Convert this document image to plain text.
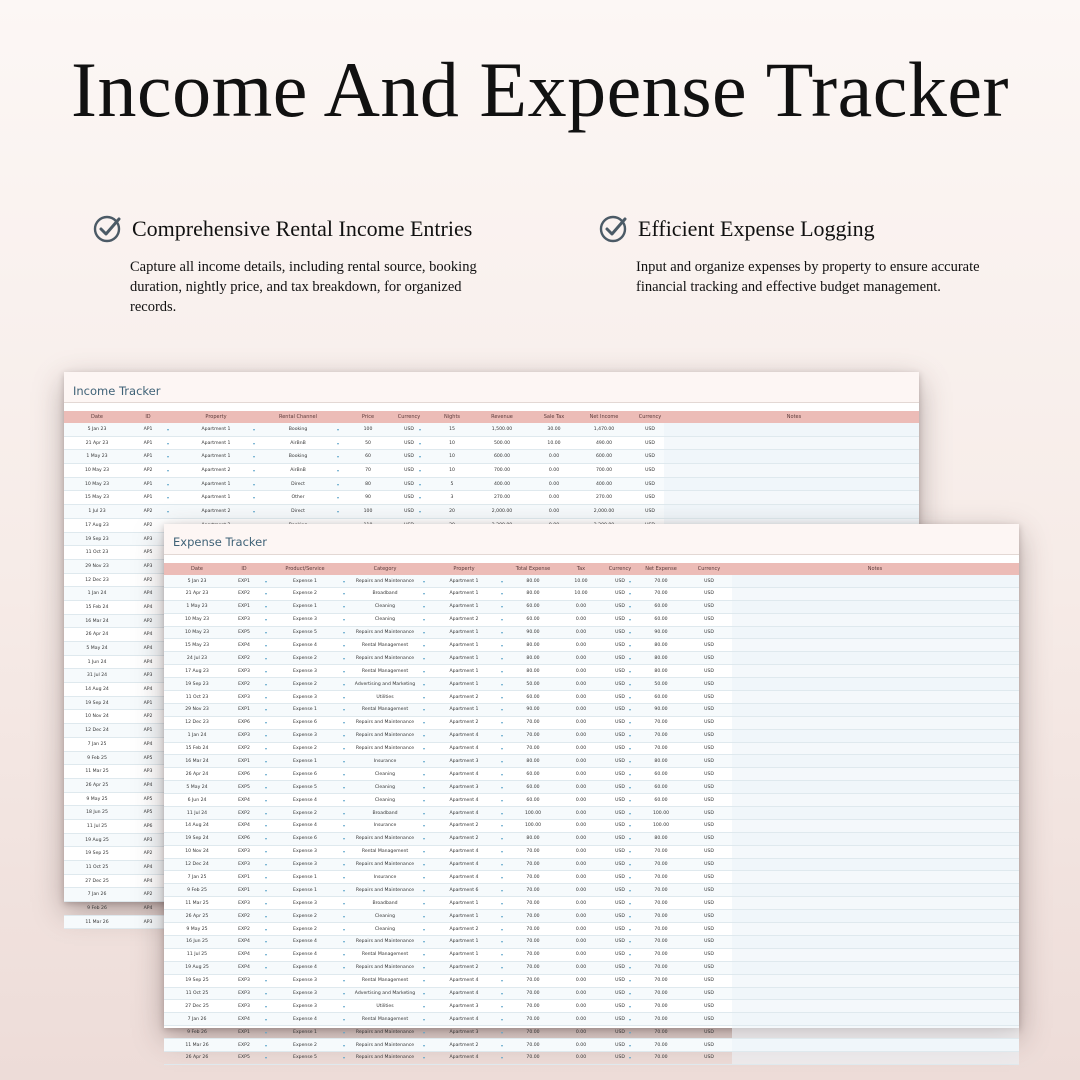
Income And Expense Tracker
Comprehensive Rental Income Entries

Capture all income details, including rental source, booking duration, nightly price, and tax breakdown, for organized records.

Efficient Expense Logging

Input and organize expenses by property to ensure accurate financial tracking and effective budget management.

Income Tracker
Date	ID	Property	Rental Channel	Price	Currency	Nights	Revenue	Sale Tax	Net Income	Currency	Notes
5 Jan 23	AP1	Apartment 1	Booking	100	USD	15	1,500.00	30.00	1,470.00	USD
▾	▾	▾	▾
21 Apr 23	AP1	Apartment 1	AirBnB	50	USD	10	500.00	10.00	490.00	USD
▾	▾	▾	▾
1 May 23	AP1	Apartment 1	Booking	60	USD	10	600.00	0.00	600.00	USD
▾	▾	▾	▾
10 May 23	AP2	Apartment 2	AirBnB	70	USD	10	700.00	0.00	700.00	USD
▾	▾	▾	▾
10 May 23	AP1	Apartment 1	Direct	80	USD	5	400.00	0.00	400.00	USD
▾	▾	▾	▾
15 May 23	AP1	Apartment 1	Other	90	USD	3	270.00	0.00	270.00	USD
▾	▾	▾	▾
1 Jul 23	AP2	Apartment 2	Direct	100	USD	20	2,000.00	0.00	2,000.00	USD
▾	▾	▾	▾
17 Aug 23	AP2
19 Sep 23	AP3
11 Oct 23	AP5
29 Nov 23	AP3
12 Dec 23	AP2
1 Jan 24	AP4
15 Feb 24	AP4
16 Mar 24	AP2
26 Apr 24	AP4
5 May 24	AP4
1 Jun 24	AP4
31 Jul 24	AP3
14 Aug 24	AP4
19 Sep 24	AP1
10 Nov 24	AP2
12 Dec 24	AP1
7 Jan 25	AP4
9 Feb 25	AP5
11 Mar 25	AP3
26 Apr 25	AP4
9 May 25	AP5
18 Jun 25	AP5
11 Jul 25	AP6
19 Aug 25	AP3
19 Sep 25	AP2
11 Oct 25	AP4
27 Dec 25	AP4
7 Jan 26	AP2
9 Feb 26	AP4
11 Mar 26	AP3
Expense Tracker
Date	ID	Product/Service	Category	Property	Total Expense	Tax	Currency	Net Expense	Currency	Notes
5 Jan 23	EXP1	Expense 1	Repairs and Maintenance	Apartment 1	80.00	10.00	USD	70.00	USD
▾	▾	▾	▾	▾
21 Apr 23	EXP2	Expense 2	Broadband	Apartment 1	80.00	10.00	USD	70.00	USD
▾	▾	▾	▾	▾
1 May 23	EXP1	Expense 1	Cleaning	Apartment 1	60.00	0.00	USD	60.00	USD
▾	▾	▾	▾	▾
10 May 23	EXP3	Expense 3	Cleaning	Apartment 2	60.00	0.00	USD	60.00	USD
▾	▾	▾	▾	▾
10 May 23	EXP5	Expense 5	Repairs and Maintenance	Apartment 1	90.00	0.00	USD	90.00	USD
▾	▾	▾	▾	▾
15 May 23	EXP4	Expense 4	Rental Management	Apartment 1	80.00	0.00	USD	80.00	USD
▾	▾	▾	▾	▾
24 Jul 23	EXP2	Expense 2	Repairs and Maintenance	Apartment 1	80.00	0.00	USD	80.00	USD
▾	▾	▾	▾	▾
17 Aug 23	EXP3	Expense 3	Rental Management	Apartment 1	80.00	0.00	USD	80.00	USD
▾	▾	▾	▾	▾
19 Sep 23	EXP2	Expense 2	Advertising and Marketing	Apartment 1	50.00	0.00	USD	50.00	USD
▾	▾	▾	▾	▾
11 Oct 23	EXP3	Expense 3	Utilities	Apartment 2	60.00	0.00	USD	60.00	USD
▾	▾	▾	▾	▾
29 Nov 23	EXP1	Expense 1	Rental Management	Apartment 1	90.00	0.00	USD	90.00	USD
▾	▾	▾	▾	▾
12 Dec 23	EXP6	Expense 6	Repairs and Maintenance	Apartment 2	70.00	0.00	USD	70.00	USD
▾	▾	▾	▾	▾
1 Jan 24	EXP3	Expense 3	Repairs and Maintenance	Apartment 4	70.00	0.00	USD	70.00	USD
▾	▾	▾	▾	▾
15 Feb 24	EXP2	Expense 2	Repairs and Maintenance	Apartment 4	70.00	0.00	USD	70.00	USD
▾	▾	▾	▾	▾
16 Mar 24	EXP1	Expense 1	Insurance	Apartment 3	80.00	0.00	USD	80.00	USD
▾	▾	▾	▾	▾
26 Apr 24	EXP6	Expense 6	Cleaning	Apartment 4	60.00	0.00	USD	60.00	USD
▾	▾	▾	▾	▾
5 May 24	EXP5	Expense 5	Cleaning	Apartment 3	60.00	0.00	USD	60.00	USD
▾	▾	▾	▾	▾
6 Jun 24	EXP4	Expense 4	Cleaning	Apartment 4	60.00	0.00	USD	60.00	USD
▾	▾	▾	▾	▾
11 Jul 24	EXP2	Expense 2	Broadband	Apartment 4	100.00	0.00	USD	100.00	USD
▾	▾	▾	▾	▾
14 Aug 24	EXP4	Expense 4	Insurance	Apartment 2	100.00	0.00	USD	100.00	USD
▾	▾	▾	▾	▾
19 Sep 24	EXP6	Expense 6	Repairs and Maintenance	Apartment 2	80.00	0.00	USD	80.00	USD
▾	▾	▾	▾	▾
10 Nov 24	EXP3	Expense 3	Rental Management	Apartment 4	70.00	0.00	USD	70.00	USD
▾	▾	▾	▾	▾
12 Dec 24	EXP3	Expense 3	Repairs and Maintenance	Apartment 4	70.00	0.00	USD	70.00	USD
▾	▾	▾	▾	▾
7 Jan 25	EXP1	Expense 1	Insurance	Apartment 4	70.00	0.00	USD	70.00	USD
▾	▾	▾	▾	▾
9 Feb 25	EXP1	Expense 1	Repairs and Maintenance	Apartment 6	70.00	0.00	USD	70.00	USD
▾	▾	▾	▾	▾
11 Mar 25	EXP3	Expense 3	Broadband	Apartment 1	70.00	0.00	USD	70.00	USD
▾	▾	▾	▾	▾
26 Apr 25	EXP2	Expense 2	Cleaning	Apartment 1	70.00	0.00	USD	70.00	USD
▾	▾	▾	▾	▾
9 May 25	EXP2	Expense 2	Cleaning	Apartment 2	70.00	0.00	USD	70.00	USD
▾	▾	▾	▾	▾
16 Jun 25	EXP4	Expense 4	Repairs and Maintenance	Apartment 1	70.00	0.00	USD	70.00	USD
▾	▾	▾	▾	▾
11 Jul 25	EXP4	Expense 4	Rental Management	Apartment 1	70.00	0.00	USD	70.00	USD
▾	▾	▾	▾	▾
19 Aug 25	EXP4	Expense 4	Repairs and Maintenance	Apartment 2	70.00	0.00	USD	70.00	USD
▾	▾	▾	▾	▾
19 Sep 25	EXP3	Expense 3	Rental Management	Apartment 4	70.00	0.00	USD	70.00	USD
▾	▾	▾	▾	▾
11 Oct 25	EXP3	Expense 3	Advertising and Marketing	Apartment 4	70.00	0.00	USD	70.00	USD
▾	▾	▾	▾	▾
27 Dec 25	EXP3	Expense 3	Utilities	Apartment 3	70.00	0.00	USD	70.00	USD
▾	▾	▾	▾	▾
7 Jan 26	EXP4	Expense 4	Rental Management	Apartment 4	70.00	0.00	USD	70.00	USD
▾	▾	▾	▾	▾
9 Feb 26	EXP1	Expense 1	Repairs and Maintenance	Apartment 3	70.00	0.00	USD	70.00	USD
▾	▾	▾	▾	▾
11 Mar 26	EXP2	Expense 2	Repairs and Maintenance	Apartment 2	70.00	0.00	USD	70.00	USD
▾	▾	▾	▾	▾
26 Apr 26	EXP5	Expense 5	Repairs and Maintenance	Apartment 4	70.00	0.00	USD	70.00	USD
▾	▾	▾	▾	▾
